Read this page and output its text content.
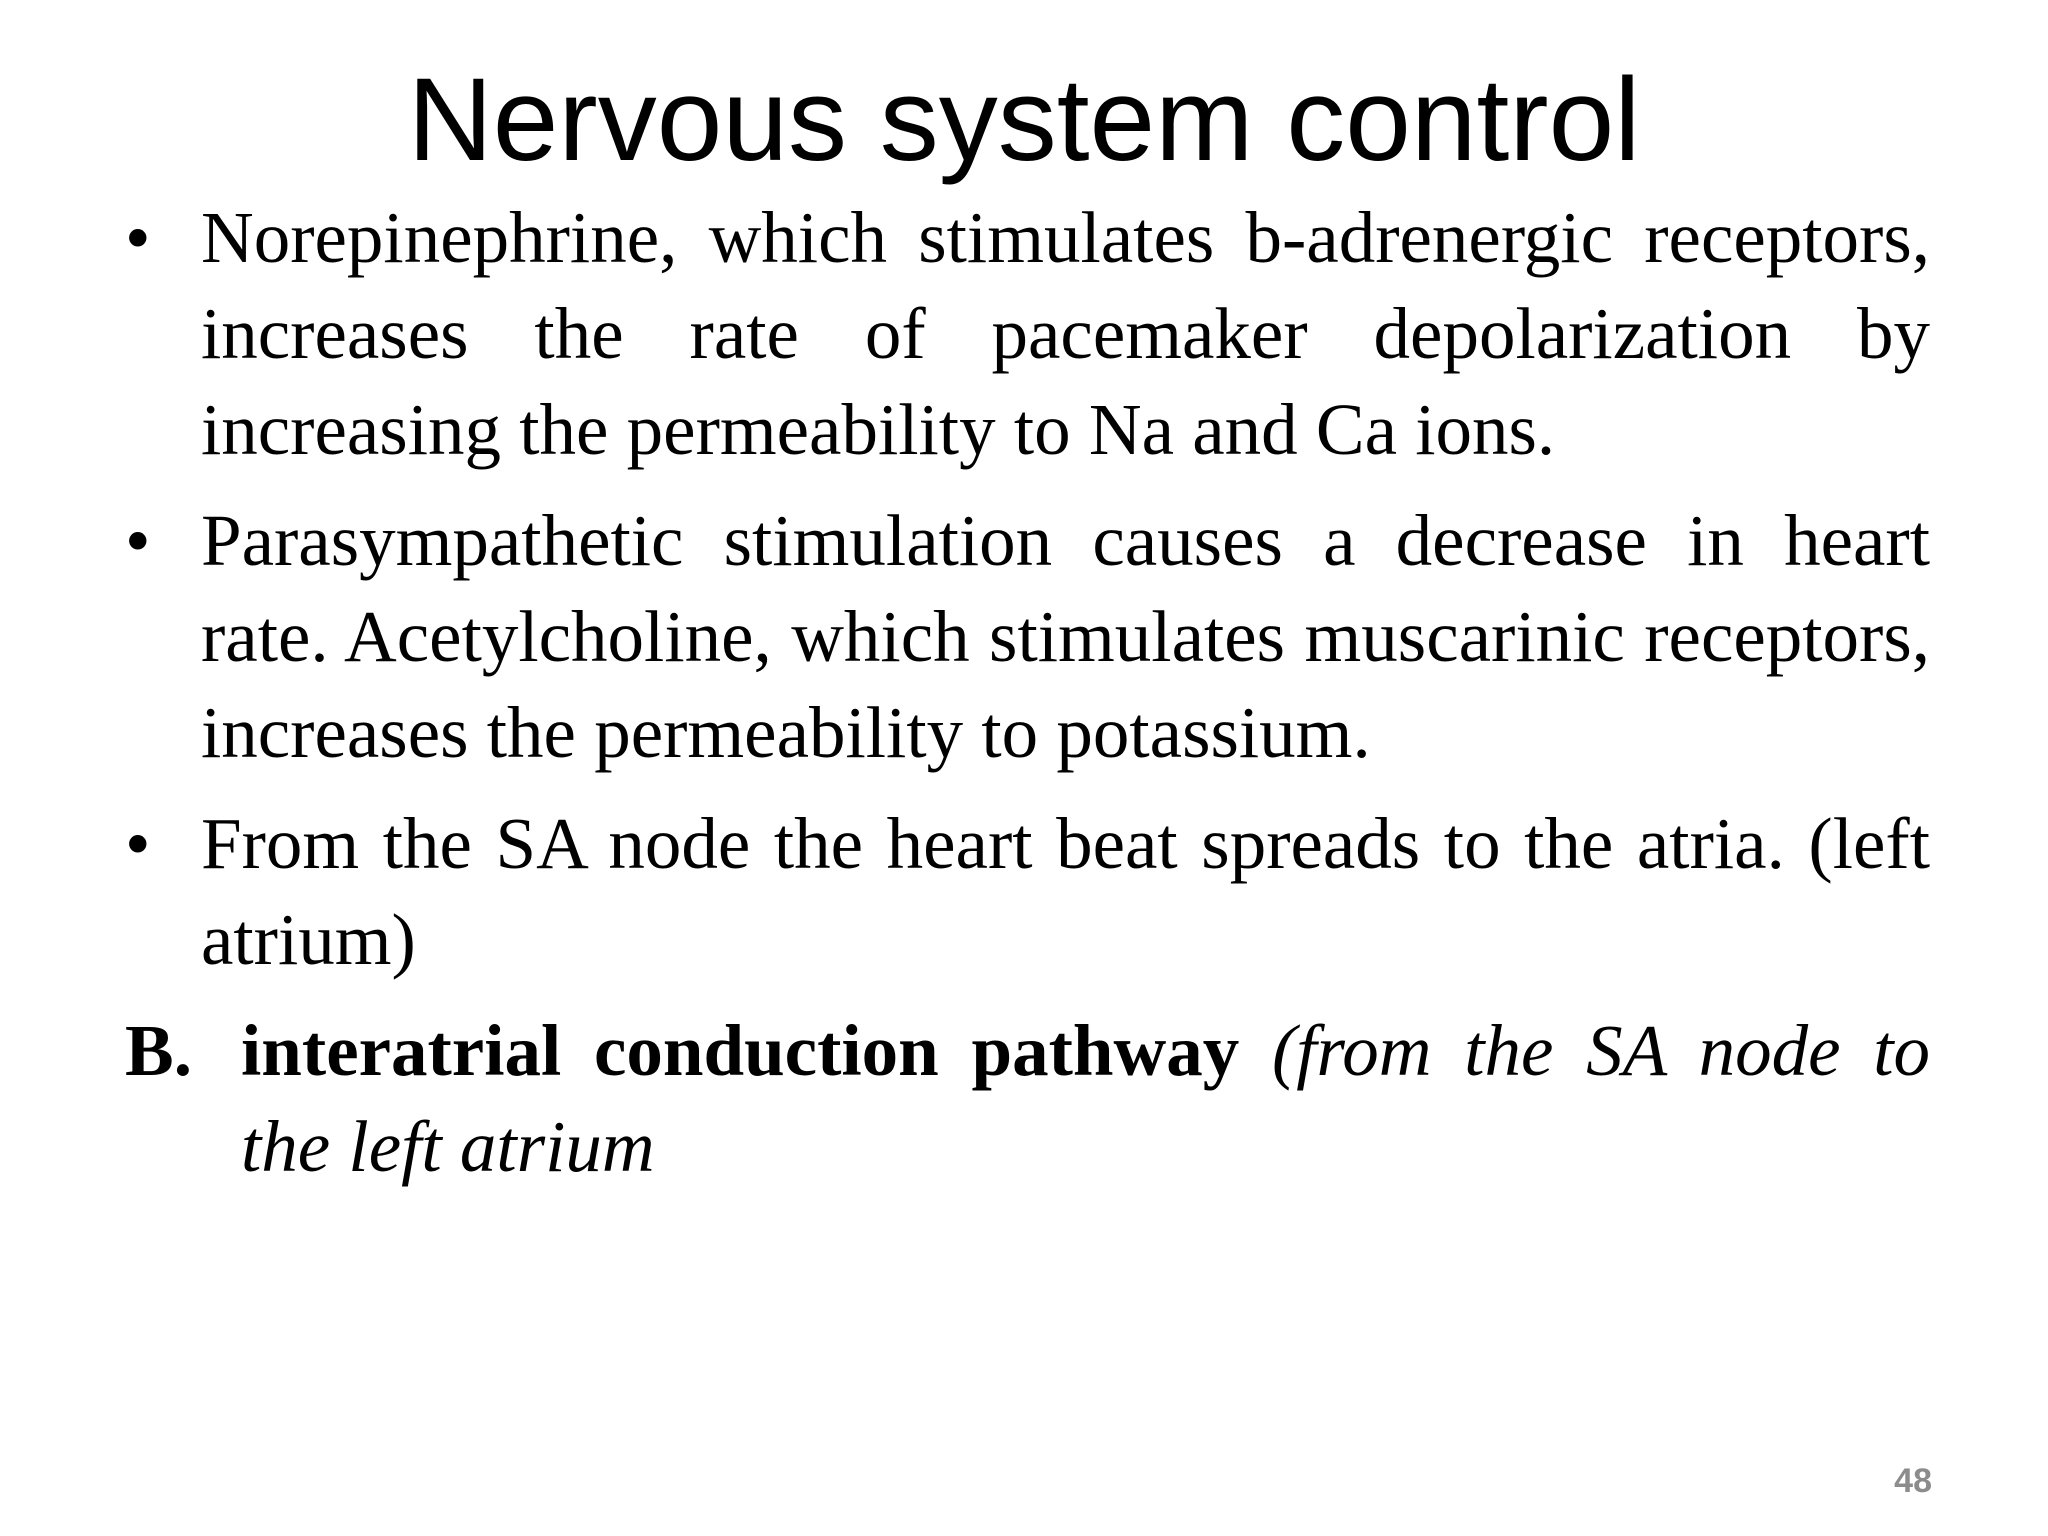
Nervous system control
• Norepinephrine, which stimulates b-adrenergic receptors, increases the rate of pacemaker depolarization by increasing the permeability to Na and Ca ions.
• Parasympathetic stimulation causes a decrease in heart rate. Acetylcholine, which stimulates muscarinic receptors, increases the permeability to potassium.
• From the SA node the heart beat spreads to the atria. (left atrium)
B. interatrial conduction pathway (from the SA node to the left atrium
48
